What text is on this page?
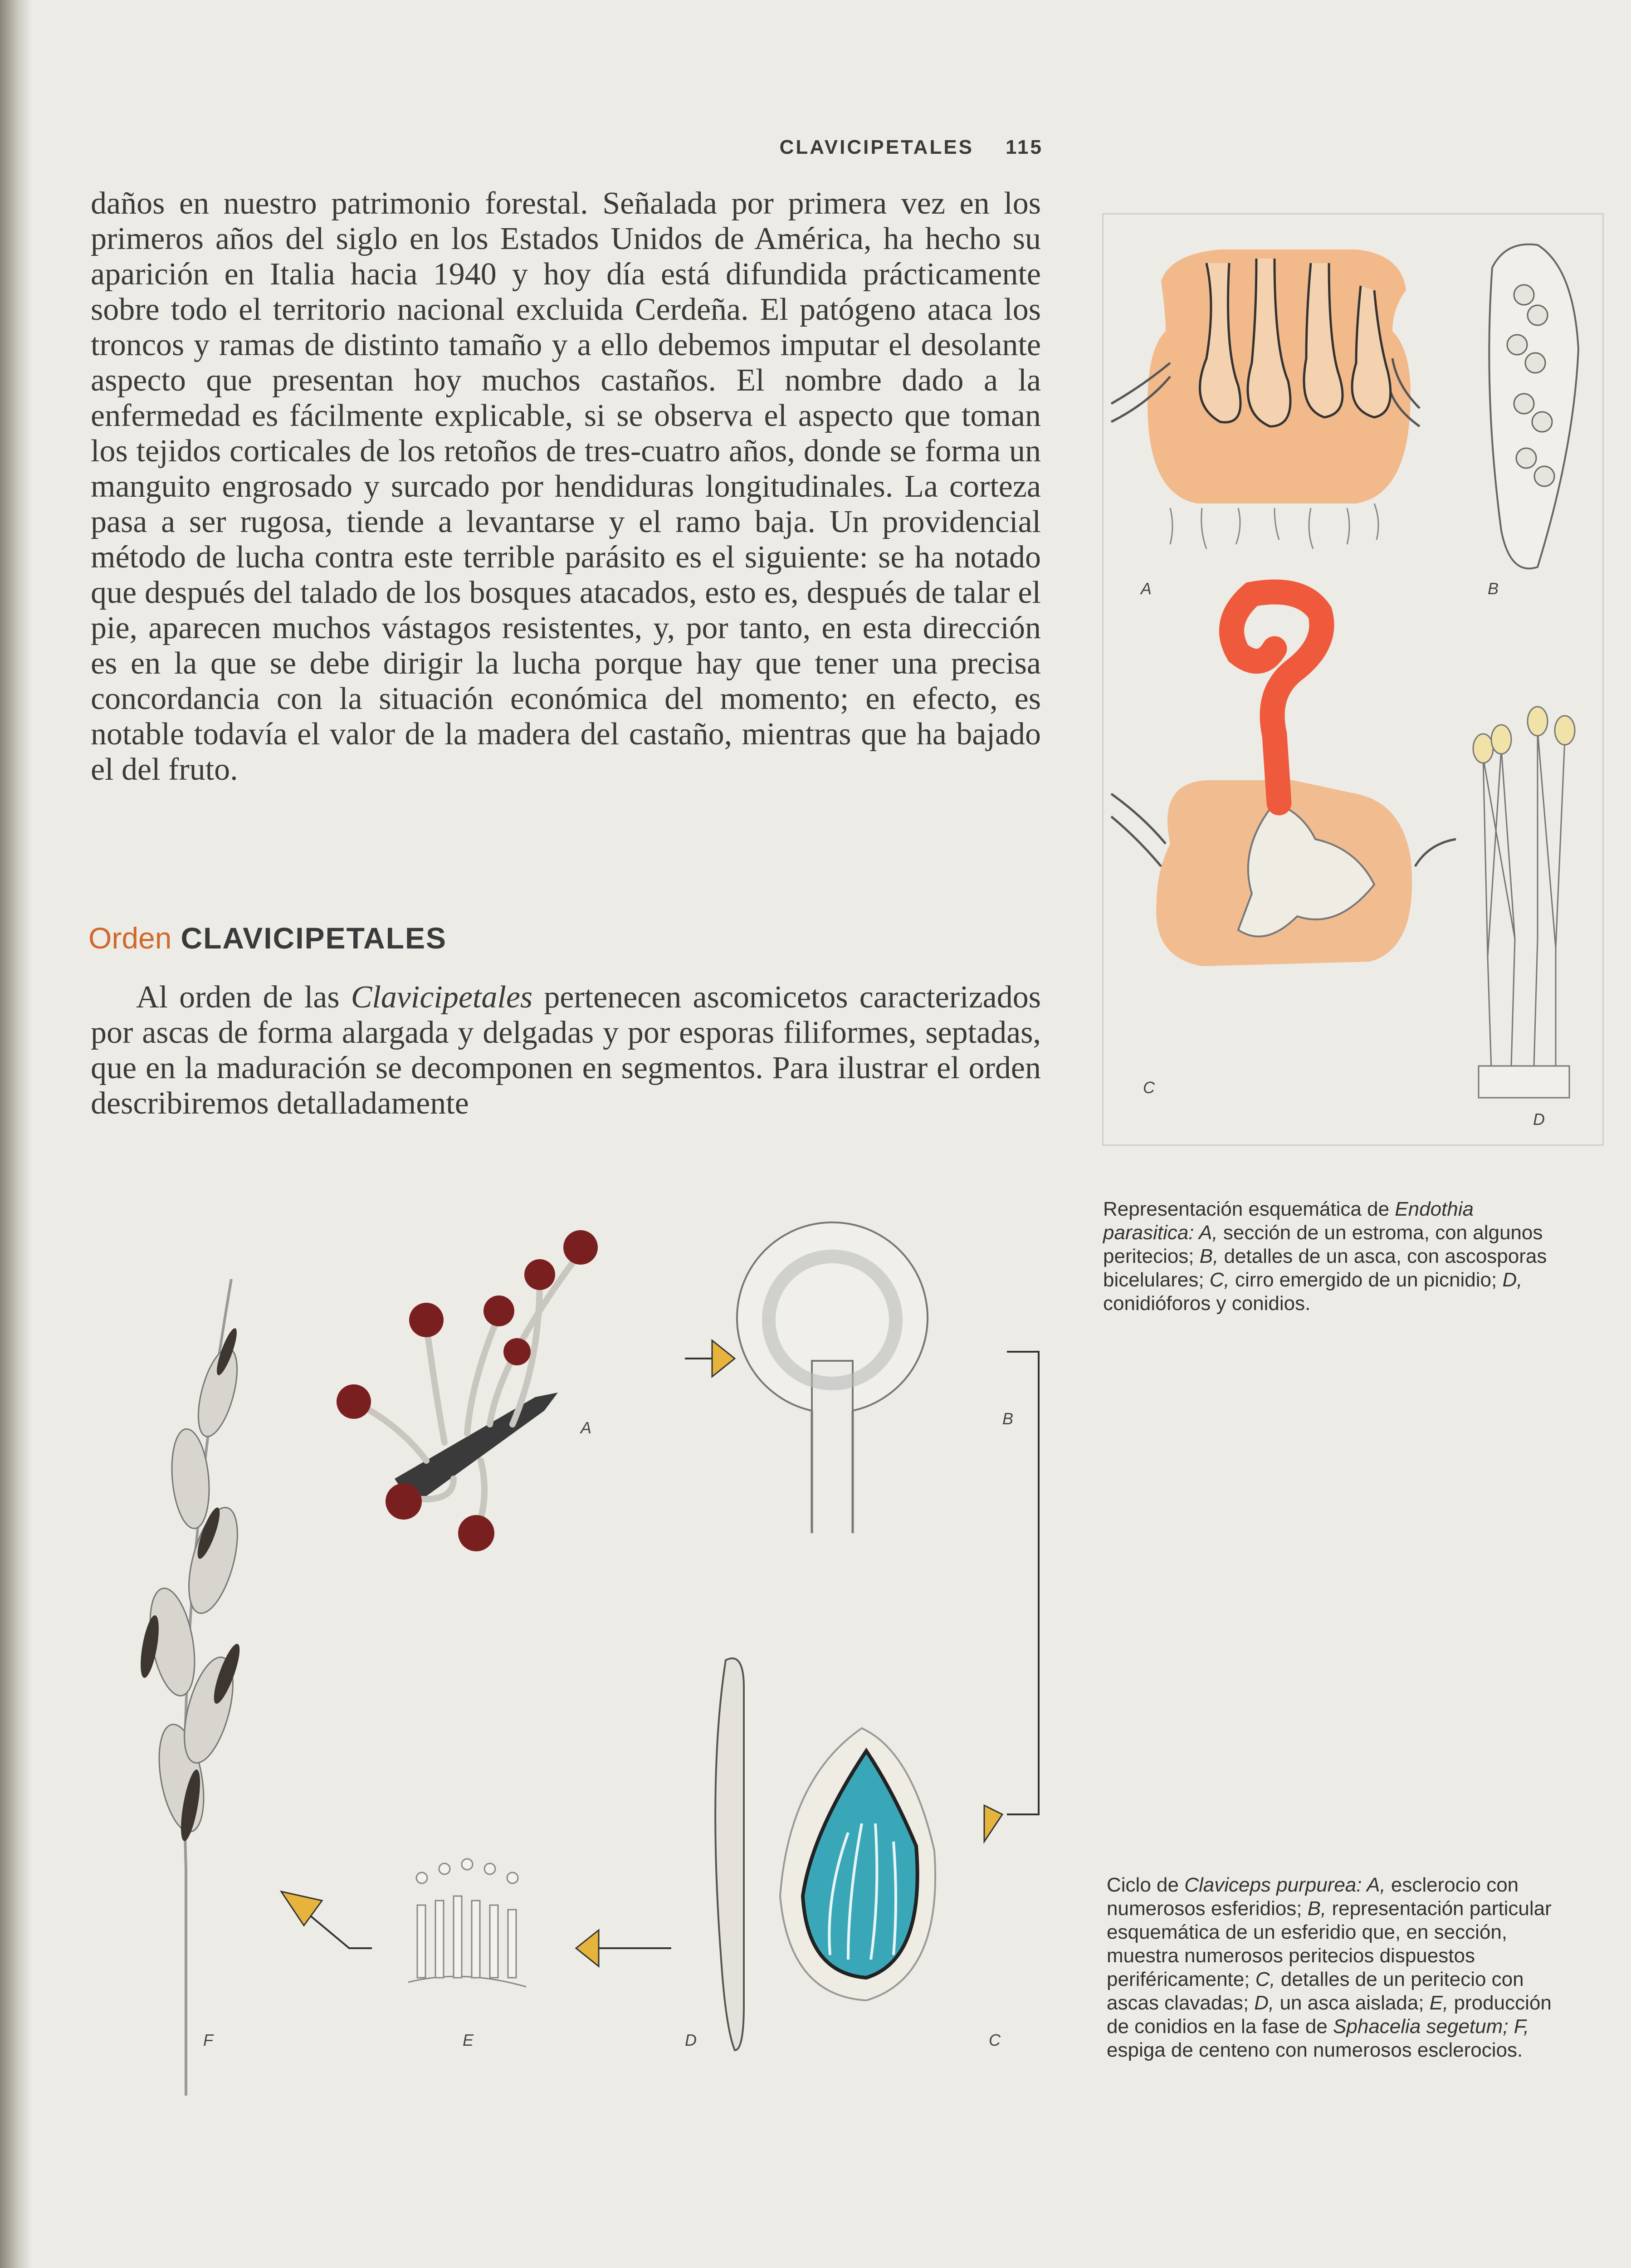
CLAVICIPETALES 115

daños en nuestro patrimonio forestal. Señalada por primera vez en los primeros años del siglo en los Estados Unidos de América, ha hecho su aparición en Italia hacia 1940 y hoy día está difundida prácticamente sobre todo el territorio nacional excluida Cerdeña. El patógeno ataca los troncos y ramas de distinto tamaño y a ello debemos imputar el desolante aspecto que presentan hoy muchos castaños. El nombre dado a la enfermedad es fácilmente explicable, si se observa el aspecto que toman los tejidos corticales de los retoños de tres-cuatro años, donde se forma un manguito engrosado y surcado por hendiduras longitudinales. La corteza pasa a ser rugosa, tiende a levantarse y el ramo baja. Un providencial método de lucha contra este terrible parásito es el siguiente: se ha notado que después del talado de los bosques atacados, esto es, después de talar el pie, aparecen muchos vástagos resistentes, y, por tanto, en esta dirección es en la que se debe dirigir la lucha porque hay que tener una precisa concordancia con la situación económica del momento; en efecto, es notable todavía el valor de la madera del castaño, mientras que ha bajado el del fruto.

Orden CLAVICIPETALES

Al orden de las Clavicipetales pertenecen ascomicetos caracterizados por ascas de forma alargada y delgadas y por esporas filiformes, septadas, que en la maduración se decomponen en segmentos. Para ilustrar el orden describiremos detalladamente

A	B
C
D
Representación esquemática de Endothia parasitica: A, sección de un estroma, con algunos peritecios; B, detalles de un asca, con ascosporas bicelulares; C, cirro emergido de un picnidio; D, conidióforos y conidios.
F
A	B
C
D
E
Ciclo de Claviceps purpurea: A, esclerocio con numerosos esferidios; B, representación particular esquemática de un esferidio que, en sección, muestra numerosos peritecios dispuestos periféricamente; C, detalles de un peritecio con ascas clavadas; D, un asca aislada; E, producción de conidios en la fase de Sphacelia segetum; F, espiga de centeno con numerosos esclerocios.
